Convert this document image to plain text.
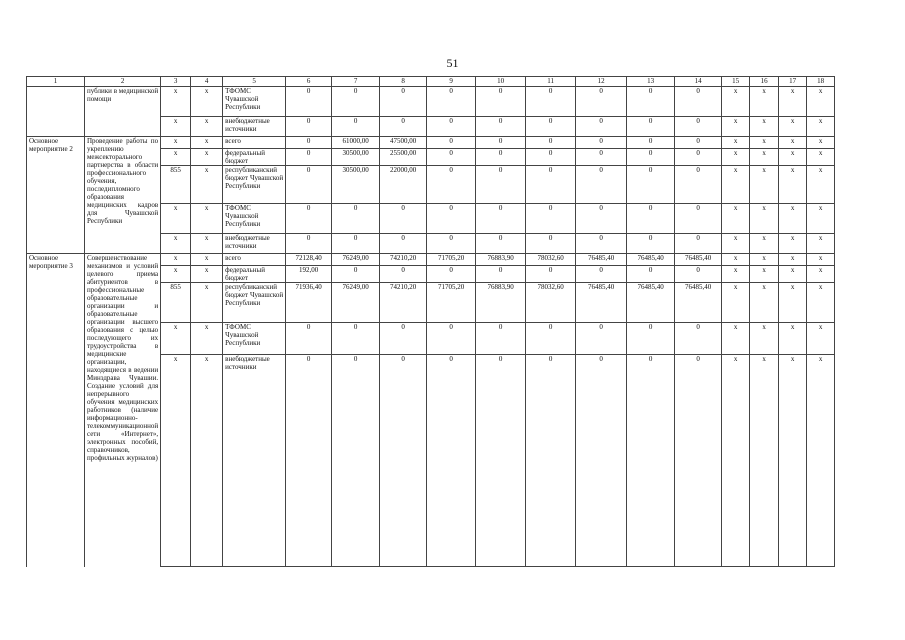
51
1	2	3	4	5	6	7	8	9	10	11	12	13	14	15	16	17	18
	публики в медицинской помощи	x	x	ТФОМС Чувашской Республики	0	0	0	0	0	0	0	0	0	x	x	x	x
		x	x	внебюджетные источники	0	0	0	0	0	0	0	0	0	x	x	x	x
Основное мероприятие 2	Проведение работы по укреплению межсекторального партнерства в области профессионального обучения, последипломного образования медицинских кадров для Чувашской Республики	x	x	всего	0	61000,00	47500,00	0	0	0	0	0	0	x	x	x	x
		x	x	федеральный бюджет	0	30500,00	25500,00	0	0	0	0	0	0	x	x	x	x
		855	x	республиканский бюджет Чувашской Республики	0	30500,00	22000,00	0	0	0	0	0	0	x	x	x	x
		x	x	ТФОМС Чувашской Республики	0	0	0	0	0	0	0	0	0	x	x	x	x
		x	x	внебюджетные источники	0	0	0	0	0	0	0	0	0	x	x	x	x
Основное мероприятие 3	Совершенствование механизмов и условий целевого приема абитуриентов в профессиональные образовательные организации и образовательные организации высшего образования с целью последующего их трудоустройства в медицинские организации, находящиеся в ведении Минздрава Чувашии. Создание условий для непрерывного обучения медицинских работников (наличие информационно-телекоммуникационной сети «Интернет», электронных пособий, справочников, профильных журналов)	x	x	всего	72128,40	76249,00	74210,20	71705,20	76883,90	78032,60	76485,40	76485,40	76485,40	x	x	x	x
		x	x	федеральный бюджет	192,00	0	0	0	0	0	0	0	0	x	x	x	x
		855	x	республиканский бюджет Чувашской Республики	71936,40	76249,00	74210,20	71705,20	76883,90	78032,60	76485,40	76485,40	76485,40	x	x	x	x
		x	x	ТФОМС Чувашской Республики	0	0	0	0	0	0	0	0	0	x	x	x	x
		x	x	внебюджетные источники	0	0	0	0	0	0	0	0	0	x	x	x	x
